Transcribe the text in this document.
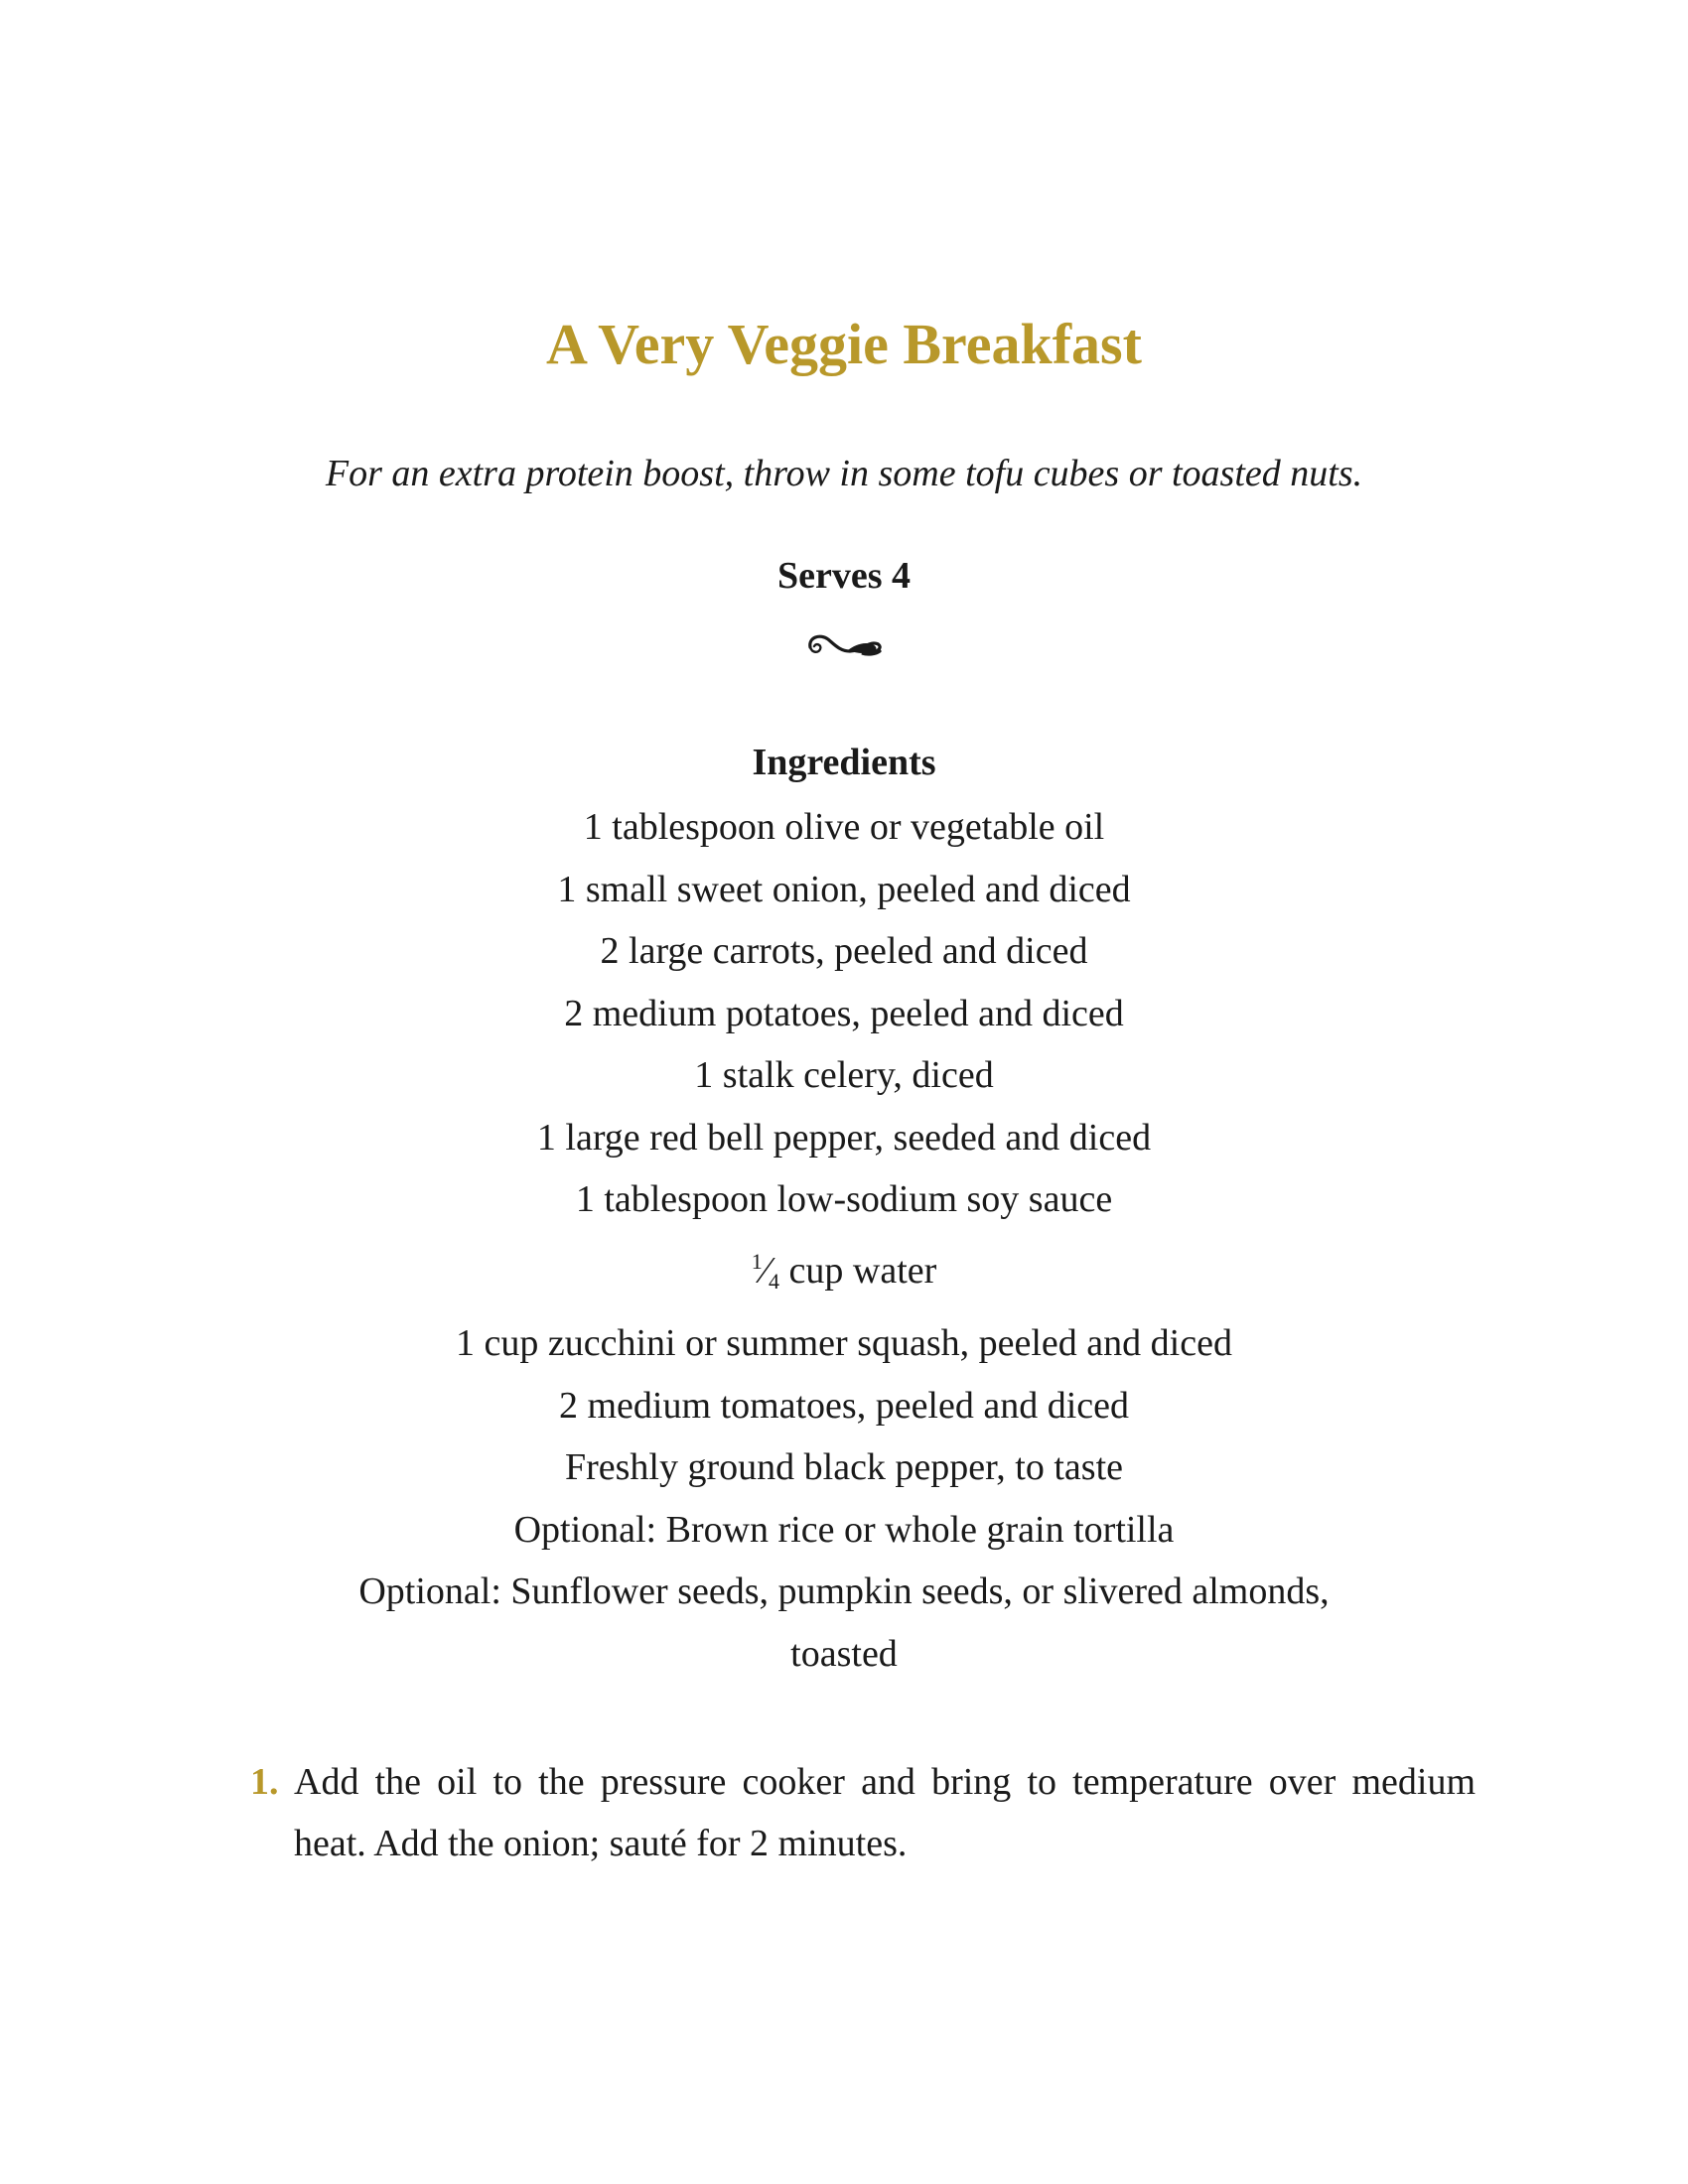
A Very Veggie Breakfast

For an extra protein boost, throw in some tofu cubes or toasted nuts.

Serves 4

Ingredients
1 tablespoon olive or vegetable oil
1 small sweet onion, peeled and diced
2 large carrots, peeled and diced
2 medium potatoes, peeled and diced
1 stalk celery, diced
1 large red bell pepper, seeded and diced
1 tablespoon low-sodium soy sauce
$^1⁄_4$ cup water
1 cup zucchini or summer squash, peeled and diced
2 medium tomatoes, peeled and diced
Freshly ground black pepper, to taste
Optional: Brown rice or whole grain tortilla
Optional: Sunflower seeds, pumpkin seeds, or slivered almonds,
toasted
1. Add the oil to the pressure cooker and bring to temperature over medium heat. Add the onion; sauté for 2 minutes.
